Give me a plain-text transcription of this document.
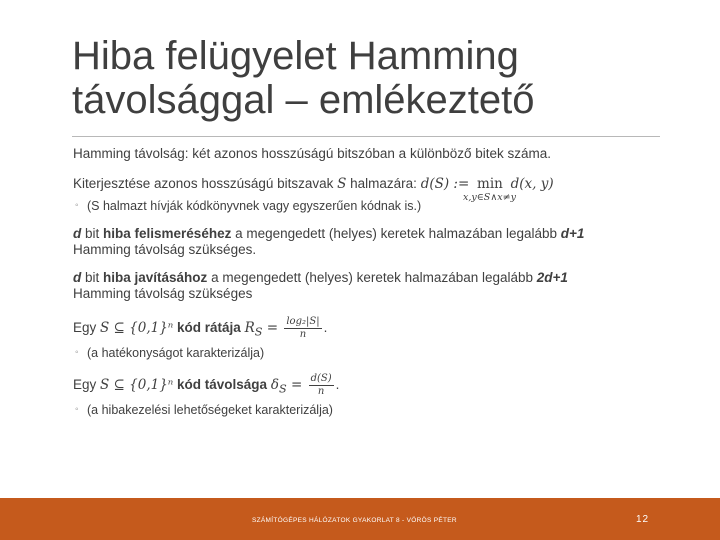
Hiba felügyelet Hamming
távolsággal – emlékeztető

Hamming távolság: két azonos hosszúságú bitszóban a különböző bitek száma.

Kiterjesztése azonos hosszúságú bitszavak S halmazára: d(S) := min
x,y∈S∧x≠y
d(x, y)

◦ (S halmazt hívják kódkönyvnek vagy egyszerűen kódnak is.)

d bit hiba felismeréséhez a megengedett (helyes) keretek halmazában legalább d+1
Hamming távolság szükséges.

d bit hiba javításához a megengedett (helyes) keretek halmazában legalább 2d+1
Hamming távolság szükséges

Egy S ⊆ {0,1}ⁿ kód rátája $R_S = \frac{\text{log₂|S|}}{n}$ .

◦ (a hatékonyságot karakterizálja)

Egy S ⊆ {0,1}ⁿ kód távolsága $\delta_S = \frac{d(S)}{n}$ .

◦ (a hibakezelési lehetőségeket karakterizálja)

SZÁMÍTÓGÉPES HÁLÓZATOK GYAKORLAT 8 - VÖRÖS PÉTER	12
